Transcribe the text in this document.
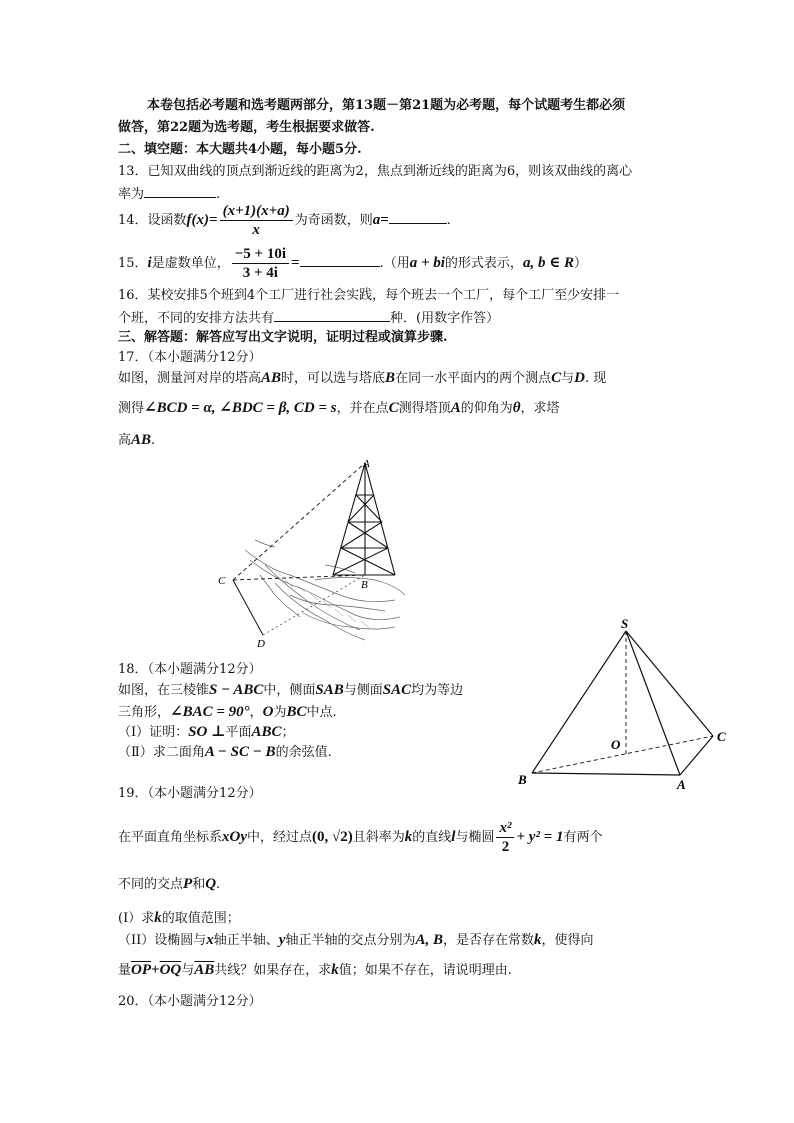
本卷包括必考题和选考题两部分，第13题－第21题为必考题，每个试题考生都必须
做答，第22题为选考题，考生根据要求做答.
二、填空题：本大题共4小题，每小题5分.
13．已知双曲线的顶点到渐近线的距离为2，焦点到渐近线的距离为6，则该双曲线的离心
率为	.
14．设函数$f(x)= \frac{(x+1)(x+a)}{x}$ 为奇函数，则a=	.
15．i是虚数单位， $\frac{-5 + 10i}{3 + 4i}$ =	.（用a + bi的形式表示，a, b ∈ R）
16．某校安排5个班到4个工厂进行社会实践，每个班去一个工厂，每个工厂至少安排一
个班，不同的安排方法共有	种．(用数字作答）
三、解答题：解答应写出文字说明，证明过程或演算步骤.
17．（本小题满分12分）
如图，测量河对岸的塔高AB时，可以选与塔底B在同一水平面内的两个测点C与D. 现
测得∠BCD = α, ∠BDC = β, CD = s，并在点C测得塔顶A的仰角为θ，求塔
高AB.
A
B
C
D
18．（本小题满分12分）
如图，在三棱锥S − ABC中，侧面SAB与侧面SAC均为等边
三角形，∠BAC = 90°，O为BC中点.
（Ⅰ）证明：SO ⊥平面ABC；
（Ⅱ）求二面角A − SC − B的余弦值.
S
C
O
B	A
19．（本小题满分12分）
在平面直角坐标系xOy中，经过点(0, √2)且斜率为k的直线l与椭圆 $\frac{\text{x²}}{2} + y^2 = 1$有两个
不同的交点P和Q.
(I）求k的取值范围；
（II）设椭圆与x轴正半轴、y轴正半轴的交点分别为A, B，是否存在常数k，使得向
量$\overline{OP}+\overline{OQ}$与$\overline{AB}$共线？如果存在，求k值；如果不存在，请说明理由.
20．（本小题满分12分）
